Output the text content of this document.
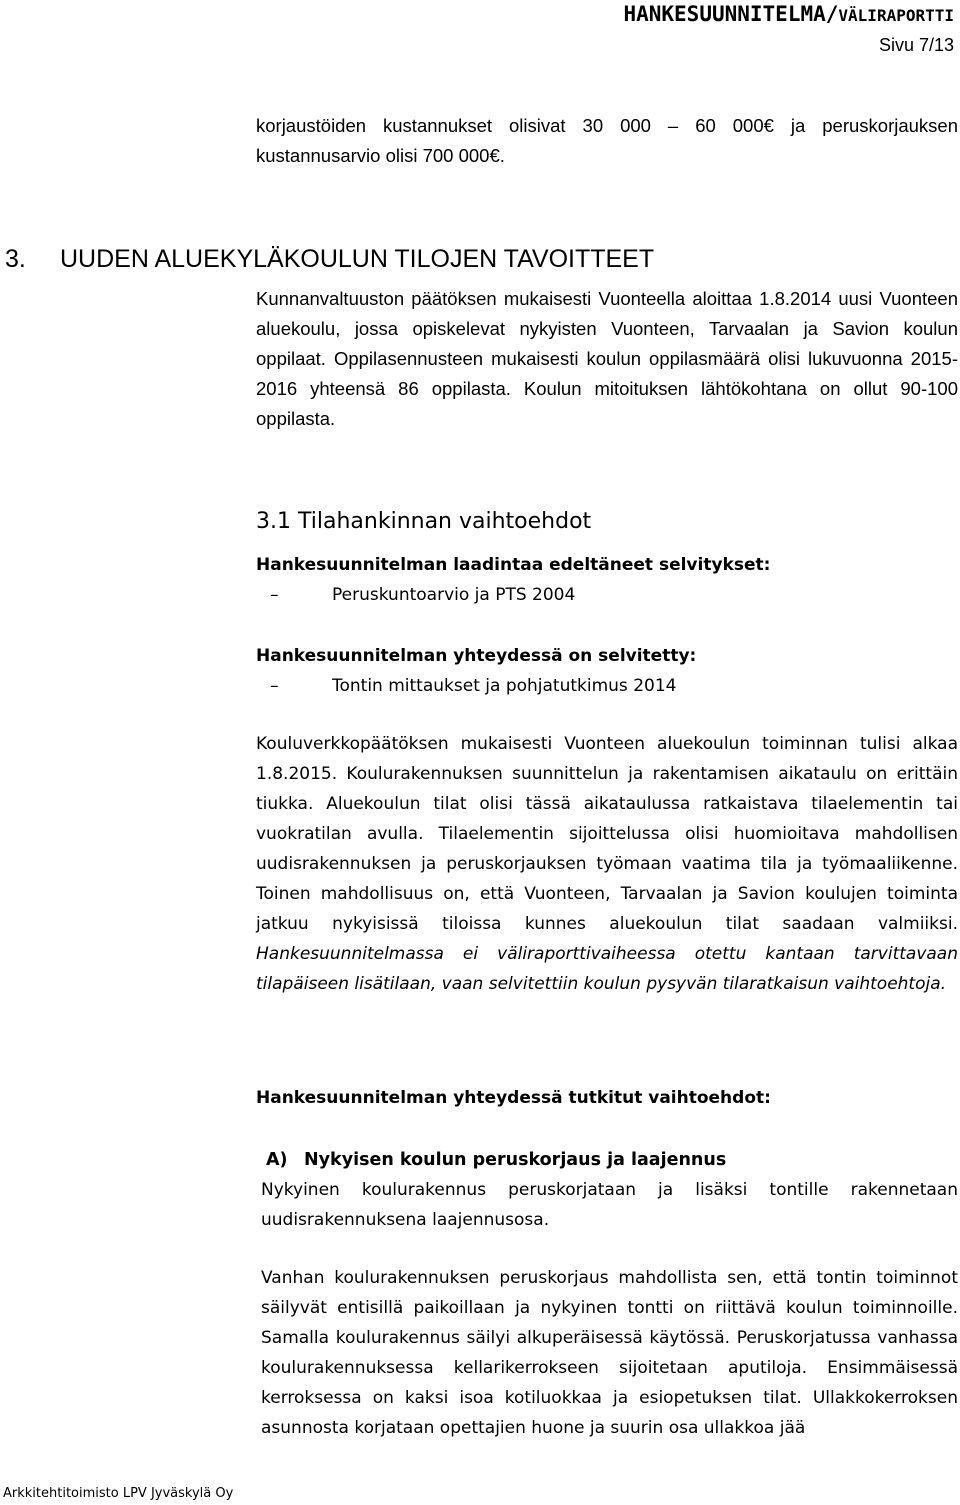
HANKESUUNNITELMA/VÄLIRAPORTTI
Sivu 7/13
korjaustöiden kustannukset olisivat 30 000 – 60 000€ ja peruskorjauksen kustannusarvio olisi 700 000€.
3. UUDEN ALUEKYLÄKOULUN TILOJEN TAVOITTEET
Kunnanvaltuuston päätöksen mukaisesti Vuonteella aloittaa 1.8.2014 uusi Vuonteen aluekoulu, jossa opiskelevat nykyisten Vuonteen, Tarvaalan ja Savion koulun oppilaat. Oppilasennusteen mukaisesti koulun oppilasmäärä olisi lukuvuonna 2015-2016 yhteensä 86 oppilasta. Koulun mitoituksen lähtökohtana on ollut 90-100 oppilasta.
3.1 Tilahankinnan vaihtoehdot
Hankesuunnitelman laadintaa edeltäneet selvitykset:
–	Peruskuntoarvio ja PTS 2004
Hankesuunnitelman yhteydessä on selvitetty:
–	Tontin mittaukset ja pohjatutkimus 2014
Kouluverkkopäätöksen mukaisesti Vuonteen aluekoulun toiminnan tulisi alkaa 1.8.2015. Koulurakennuksen suunnittelun ja rakentamisen aikataulu on erittäin tiukka. Aluekoulun tilat olisi tässä aikataulussa ratkaistava tilaelementin tai vuokratilan avulla. Tilaelementin sijoittelussa olisi huomioitava mahdollisen uudisrakennuksen ja peruskorjauksen työmaan vaatima tila ja työmaaliikenne. Toinen mahdollisuus on, että Vuonteen, Tarvaalan ja Savion koulujen toiminta jatkuu nykyisissä tiloissa kunnes aluekoulun tilat saadaan valmiiksi. Hankesuunnitelmassa ei väliraporttivaiheessa otettu kantaan tarvittavaan tilapäiseen lisätilaan, vaan selvitettiin koulun pysyvän tilaratkaisun vaihtoehtoja.
Hankesuunnitelman yhteydessä tutkitut vaihtoehdot:
A) Nykyisen koulun peruskorjaus ja laajennus
Nykyinen koulurakennus peruskorjataan ja lisäksi tontille rakennetaan uudisrakennuksena laajennusosa.
Vanhan koulurakennuksen peruskorjaus mahdollista sen, että tontin toiminnot säilyvät entisillä paikoillaan ja nykyinen tontti on riittävä koulun toiminnoille. Samalla koulurakennus säilyi alkuperäisessä käytössä. Peruskorjatussa vanhassa koulurakennuksessa kellarikerrokseen sijoitetaan aputiloja. Ensimmäisessä kerroksessa on kaksi isoa kotiluokkaa ja esiopetuksen tilat. Ullakkokerroksen asunnosta korjataan opettajien huone ja suurin osa ullakkoa jää
Arkkitehtitoimisto LPV Jyväskylä Oy
